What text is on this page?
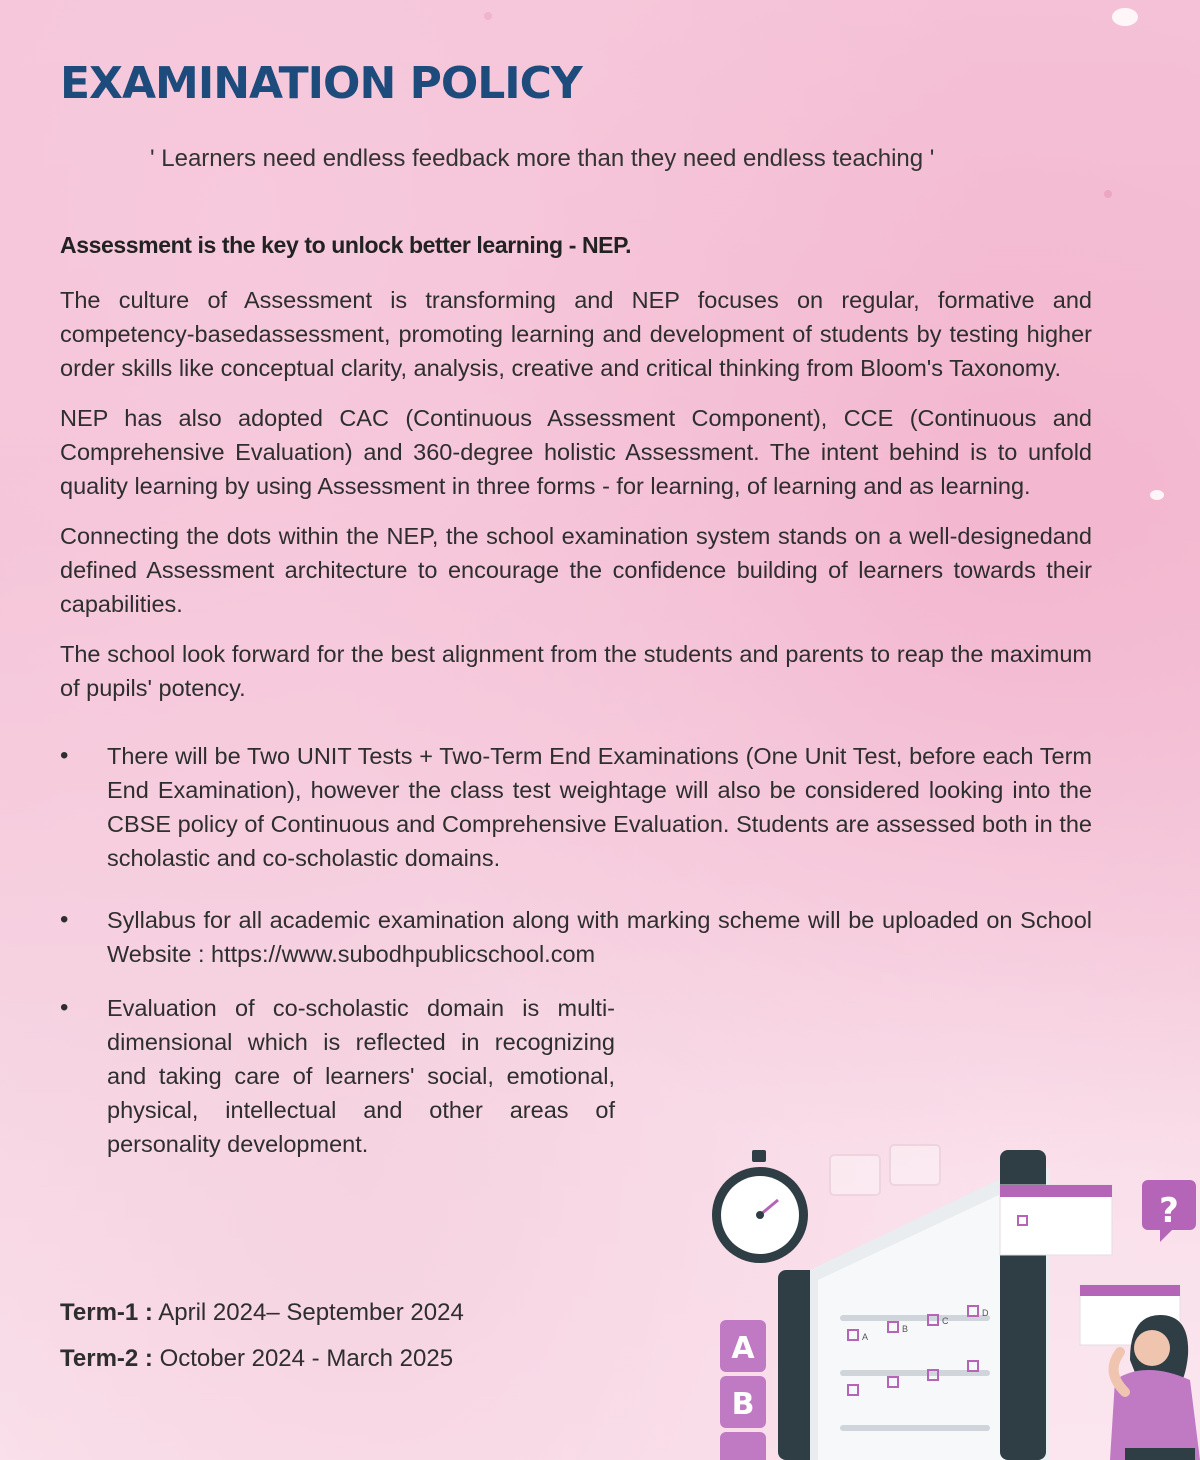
EXAMINATION POLICY
' Learners need endless feedback more than they need endless teaching '

Assessment is the key to unlock better learning - NEP.

The culture of Assessment is transforming and NEP focuses on regular, formative and competency-basedassessment, promoting learning and development of students by testing higher order skills like conceptual clarity, analysis, creative and critical thinking from Bloom's Taxonomy.

NEP has also adopted CAC (Continuous Assessment Component), CCE (Continuous and Comprehensive Evaluation) and 360-degree holistic Assessment. The intent behind is to unfold quality learning by using Assessment in three forms - for learning, of learning and as learning.

Connecting the dots within the NEP, the school examination system stands on a well-designedand defined Assessment architecture to encourage the confidence building of learners towards their capabilities.

The school look forward for the best alignment from the students and parents to reap the maximum of pupils' potency.

• There will be Two UNIT Tests + Two-Term End Examinations (One Unit Test, before each Term End Examination), however the class test weightage will also be considered looking into the CBSE policy of Continuous and Comprehensive Evaluation. Students are assessed both in the scholastic and co-scholastic domains.
• Syllabus for all academic examination along with marking scheme will be uploaded on School Website : https://www.subodhpublicschool.com
• Evaluation of co-scholastic domain is multi-dimensional which is reflected in recognizing and taking care of learners' social, emotional, physical, intellectual and other areas of personality development.
Term-1 : April 2024– September 2024
Term-2 : October 2024 - March 2025
A
B
C
D
A
B
?
